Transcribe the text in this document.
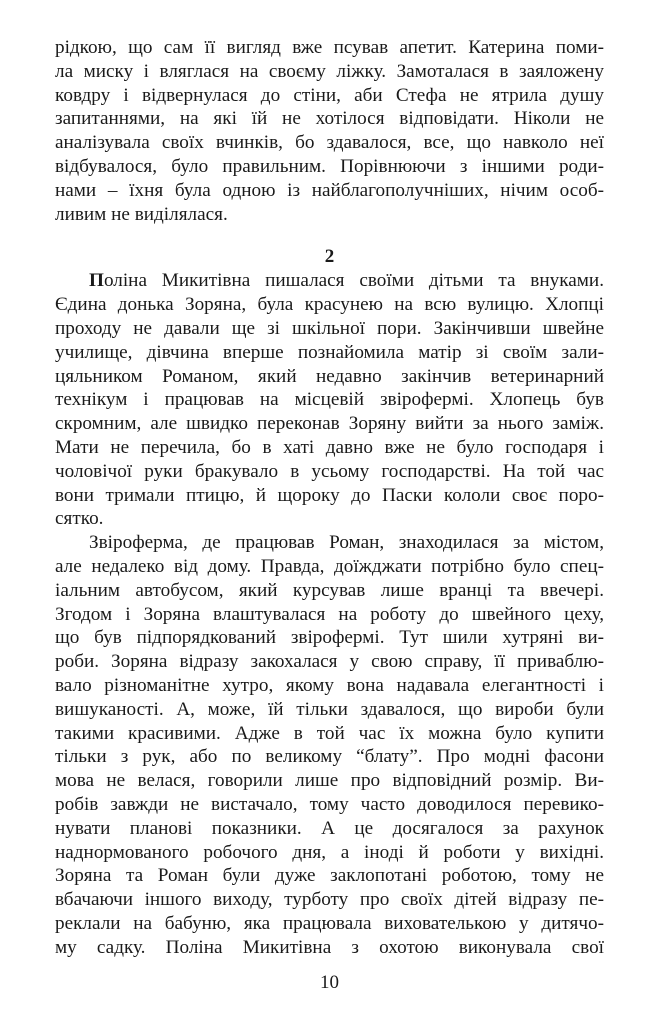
рідкою, що сам її вигляд вже псував апетит. Катерина поми-
ла миску і вляглася на своєму ліжку. Замоталася в заяложену
ковдру і відвернулася до стіни, аби Стефа не ятрила душу
запитаннями, на які їй не хотілося відповідати. Ніколи не
аналізувала своїх вчинків, бо здавалося, все, що навколо неї
відбувалося, було правильним. Порівнюючи з іншими роди-
нами – їхня була одною із найблагополучніших, нічим особ-
ливим не виділялася.
2
Поліна Микитівна пишалася своїми дітьми та внуками.
Єдина донька Зоряна, була красунею на всю вулицю. Хлопці
проходу не давали ще зі шкільної пори. Закінчивши швейне
училище, дівчина вперше познайомила матір зі своїм зали-
цяльником Романом, який недавно закінчив ветеринарний
технікум і працював на місцевій звірофермі. Хлопець був
скромним, але швидко переконав Зоряну вийти за нього заміж.
Мати не перечила, бо в хаті давно вже не було господаря і
чоловічої руки бракувало в усьому господарстві. На той час
вони тримали птицю, й щороку до Паски кололи своє поро-
сятко.
Звіроферма, де працював Роман, знаходилася за містом,
але недалеко від дому. Правда, доїжджати потрібно було спец-
іальним автобусом, який курсував лише вранці та ввечері.
Згодом і Зоряна влаштувалася на роботу до швейного цеху,
що був підпорядкований звірофермі. Тут шили хутряні ви-
роби. Зоряна відразу закохалася у свою справу, її приваблю-
вало різноманітне хутро, якому вона надавала елегантності і
вишуканості. А, може, їй тільки здавалося, що вироби були
такими красивими. Адже в той час їх можна було купити
тільки з рук, або по великому “блату”. Про модні фасони
мова не велася, говорили лише про відповідний розмір. Ви-
робів завжди не вистачало, тому часто доводилося перевико-
нувати планові показники. А це досягалося за рахунок
наднормованого робочого дня, а іноді й роботи у вихідні.
Зоряна та Роман були дуже заклопотані роботою, тому не
вбачаючи іншого виходу, турботу про своїх дітей відразу пе-
реклали на бабуню, яка працювала вихователькою у дитячо-
му садку. Поліна Микитівна з охотою виконувала свої
10
